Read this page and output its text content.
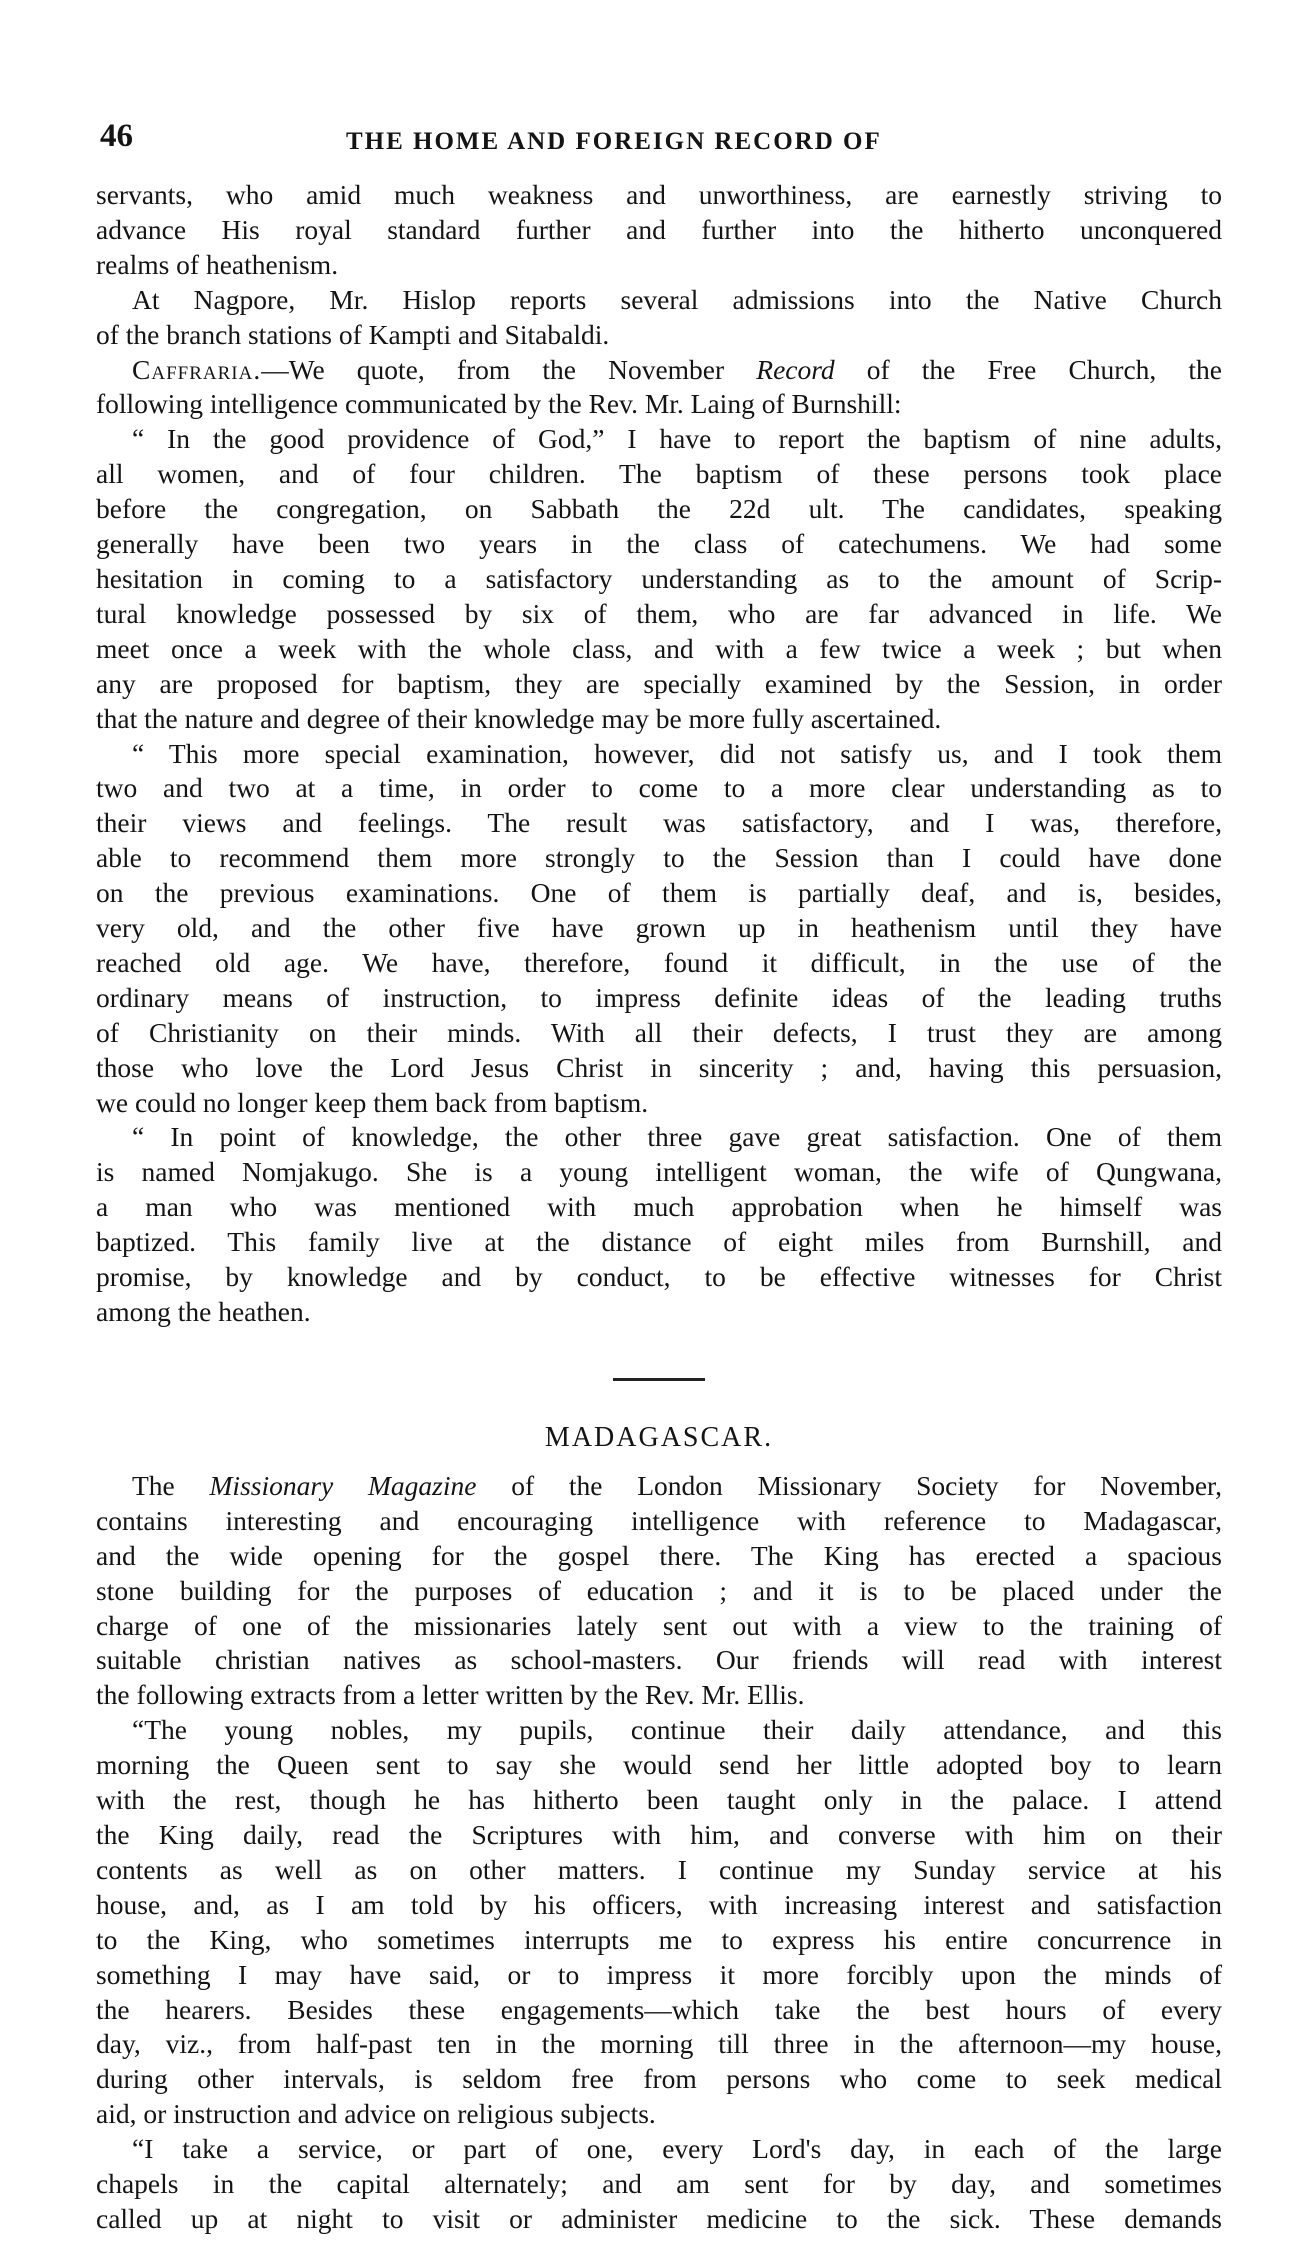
46	THE HOME AND FOREIGN RECORD OF

servants, who amid much weakness and unworthiness, are earnestly striving to
advance His royal standard further and further into the hitherto unconquered
realms of heathenism.

At Nagpore, Mr. Hislop reports several admissions into the Native Church
of the branch stations of Kampti and Sitabaldi.

Caffraria.—We quote, from the November Record of the Free Church, the
following intelligence communicated by the Rev. Mr. Laing of Burnshill:

“ In the good providence of God,” I have to report the baptism of nine adults,
all women, and of four children. The baptism of these persons took place
before the congregation, on Sabbath the 22d ult. The candidates, speaking
generally have been two years in the class of catechumens. We had some
hesitation in coming to a satisfactory understanding as to the amount of Scrip-
tural knowledge possessed by six of them, who are far advanced in life. We
meet once a week with the whole class, and with a few twice a week ; but when
any are proposed for baptism, they are specially examined by the Session, in order
that the nature and degree of their knowledge may be more fully ascertained.

“ This more special examination, however, did not satisfy us, and I took them
two and two at a time, in order to come to a more clear understanding as to
their views and feelings. The result was satisfactory, and I was, therefore,
able to recommend them more strongly to the Session than I could have done
on the previous examinations. One of them is partially deaf, and is, besides,
very old, and the other five have grown up in heathenism until they have
reached old age. We have, therefore, found it difficult, in the use of the
ordinary means of instruction, to impress definite ideas of the leading truths
of Christianity on their minds. With all their defects, I trust they are among
those who love the Lord Jesus Christ in sincerity ; and, having this persuasion,
we could no longer keep them back from baptism.

“ In point of knowledge, the other three gave great satisfaction. One of them
is named Nomjakugo. She is a young intelligent woman, the wife of Qungwana,
a man who was mentioned with much approbation when he himself was
baptized. This family live at the distance of eight miles from Burnshill, and
promise, by knowledge and by conduct, to be effective witnesses for Christ
among the heathen.

MADAGASCAR.

The Missionary Magazine of the London Missionary Society for November,
contains interesting and encouraging intelligence with reference to Madagascar,
and the wide opening for the gospel there. The King has erected a spacious
stone building for the purposes of education ; and it is to be placed under the
charge of one of the missionaries lately sent out with a view to the training of
suitable christian natives as school-masters. Our friends will read with interest
the following extracts from a letter written by the Rev. Mr. Ellis.

“The young nobles, my pupils, continue their daily attendance, and this
morning the Queen sent to say she would send her little adopted boy to learn
with the rest, though he has hitherto been taught only in the palace. I attend
the King daily, read the Scriptures with him, and converse with him on their
contents as well as on other matters. I continue my Sunday service at his
house, and, as I am told by his officers, with increasing interest and satisfaction
to the King, who sometimes interrupts me to express his entire concurrence in
something I may have said, or to impress it more forcibly upon the minds of
the hearers. Besides these engagements—which take the best hours of every
day, viz., from half-past ten in the morning till three in the afternoon—my house,
during other intervals, is seldom free from persons who come to seek medical
aid, or instruction and advice on religious subjects.

“I take a service, or part of one, every Lord's day, in each of the large
chapels in the capital alternately; and am sent for by day, and sometimes
called up at night to visit or administer medicine to the sick. These demands
